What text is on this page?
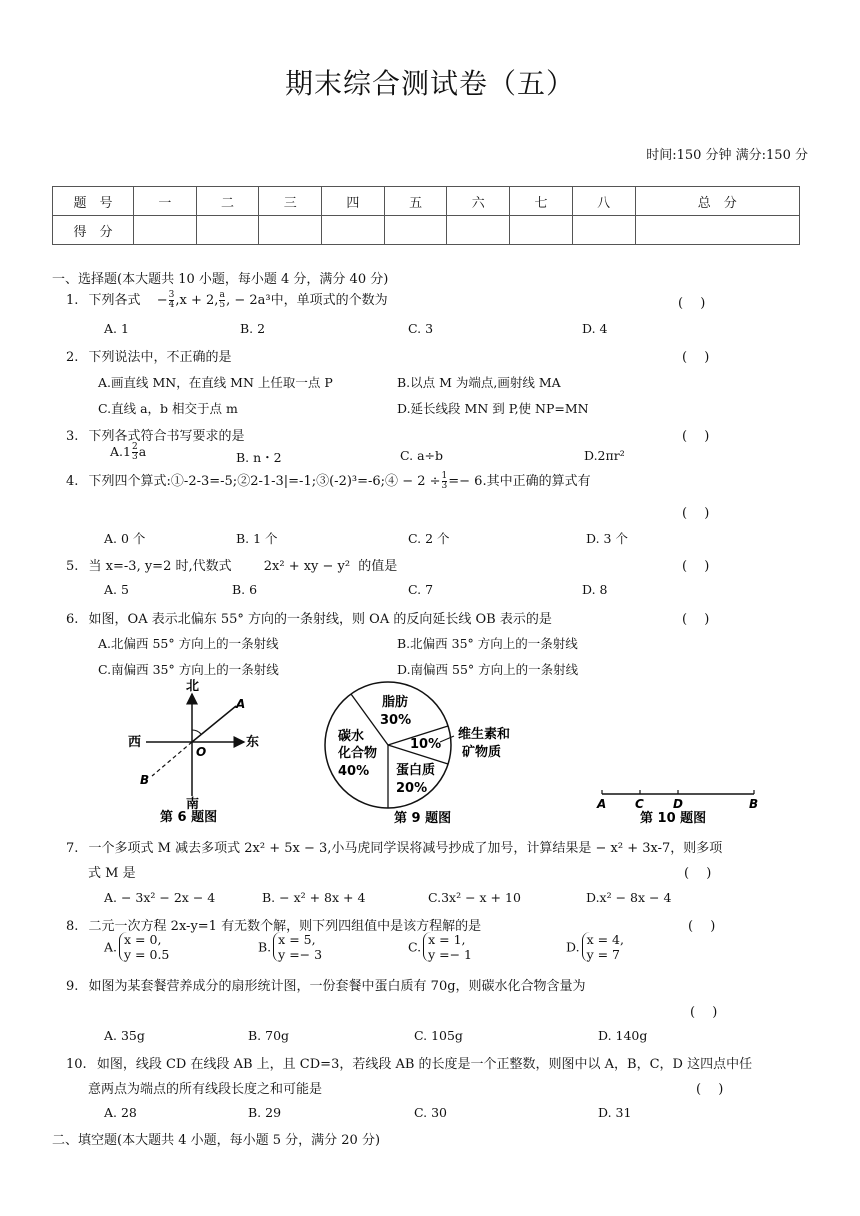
期末综合测试卷（五）
时间:150 分钟 满分:150 分
题　号	一	二	三	四	五	六	七	八	总　分
得　分									
一、选择题(本大题共 10 小题，每小题 4 分，满分 40 分)
1. 下列各式 − $\frac{3}{4} ,x + 2$, $\frac{a}{5}$ , − 2a³中，单项式的个数为	(　 )
A. 1	B. 2	C. 3	D. 4
2. 下列说法中，不正确的是	(　 )
A.画直线 MN，在直线 MN 上任取一点 P	B.以点 M 为端点,画射线 MA
C.直线 a，b 相交于点 m	D.延长线段 MN 到 P,使 NP=MN
3. 下列各式符合书写要求的是	(　 )
$A.1 \frac{2}{3}$ a	B. n・2	C. a÷b	D.2πr²
4. 下列四个算式:①-2-3=-5;②2-1-3|=-1;③(-2)³=-6;④ − $2 \div \frac{1}{3} =- 6$.其中正确的算式有
(　 )
A. 0 个	B. 1 个	C. 2 个	D. 3 个
5. 当 x=-3, y=2 时,代数式 2x² + xy − y² 的值是	(　 )
A. 5	B. 6	C. 7	D. 8
6. 如图，OA 表示北偏东 55° 方向的一条射线，则 OA 的反向延长线 OB 表示的是	(　 )
A.北偏西 55° 方向上的一条射线	B.北偏西 35° 方向上的一条射线
C.南偏西 35° 方向上的一条射线	D.南偏西 55° 方向上的一条射线
北
南
东
西
O
A
B
第 6 题图
脂肪
30%
碳水
化合物
40%
10%
维生素和
矿物质
蛋白质
20%
第 9 题图
A C D	B
第 10 题图
7. 一个多项式 M 减去多项式 2x² + 5x − 3,小马虎同学误将减号抄成了加号，计算结果是 − x² + 3x-7，则多项
式 M 是	(　 )
A. − 3x² − 2x − 4	B. − x² + 8x + 4	C.3x² − x + 10	D.x² − 8x − 4
8. 二元一次方程 2x-y=1 有无数个解，则下列四组值中是该方程解的是	(　 )
A. x = 0,
y = 0.5	B. x = 5,
y =− 3	C. x = 1,
y =− 1	D. x = 4,
y = 7
9. 如图为某套餐营养成分的扇形统计图，一份套餐中蛋白质有 70g，则碳水化合物含量为
(　 )
A. 35g	B. 70g	C. 105g	D. 140g
10. 如图，线段 CD 在线段 AB 上，且 CD=3，若线段 AB 的长度是一个正整数，则图中以 A，B，C，D 这四点中任
意两点为端点的所有线段长度之和可能是	(　 )
A. 28	B. 29	C. 30	D. 31
二、填空题(本大题共 4 小题，每小题 5 分，满分 20 分)
